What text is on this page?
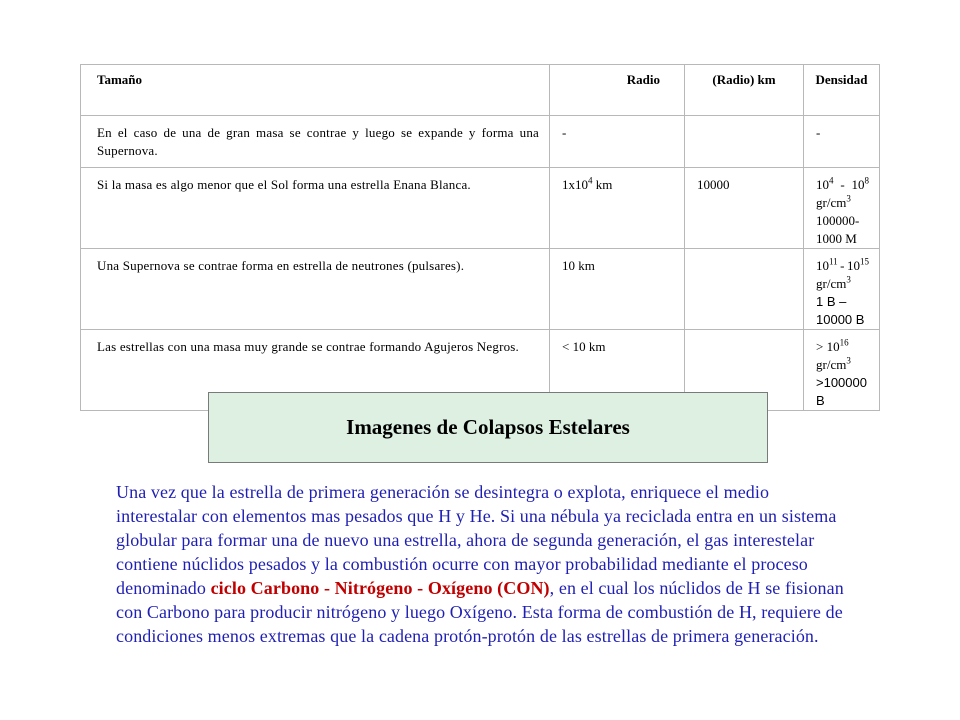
Tamaño	Radio	(Radio) km	Densidad
En el caso de una de gran masa se contrae y luego se expande y forma una Supernova.	-		-
Si la masa es algo menor que el Sol forma una estrella Enana Blanca.	$1x10^4$ km	10000	$10^4 - 10^8$
$gr/cm^3$
100000-1000 M

Una Supernova se contrae forma en estrella de neutrones (pulsares).	10 km		$10^{11} - 10^{15}$
$gr/cm^3$
1 B – 10000 B

Las estrellas con una masa muy grande se contrae formando Agujeros Negros.	< 10 km		> $10^{16}$ $gr/cm^3$
>100000 B
Imagenes de Colapsos Estelares
Una vez que la estrella de primera generación se desintegra o explota, enriquece el medio interestalar con elementos mas pesados que H y He. Si una nébula ya reciclada entra en un sistema globular para formar una de nuevo una estrella, ahora de segunda generación, el gas interestelar contiene núclidos pesados y la combustión ocurre con mayor probabilidad mediante el proceso denominado ciclo Carbono - Nitrógeno - Oxígeno (CON), en el cual los núclidos de H se fisionan con Carbono para producir nitrógeno y luego Oxígeno. Esta forma de combustión de H, requiere de condiciones menos extremas que la cadena protón-protón de las estrellas de primera generación.
